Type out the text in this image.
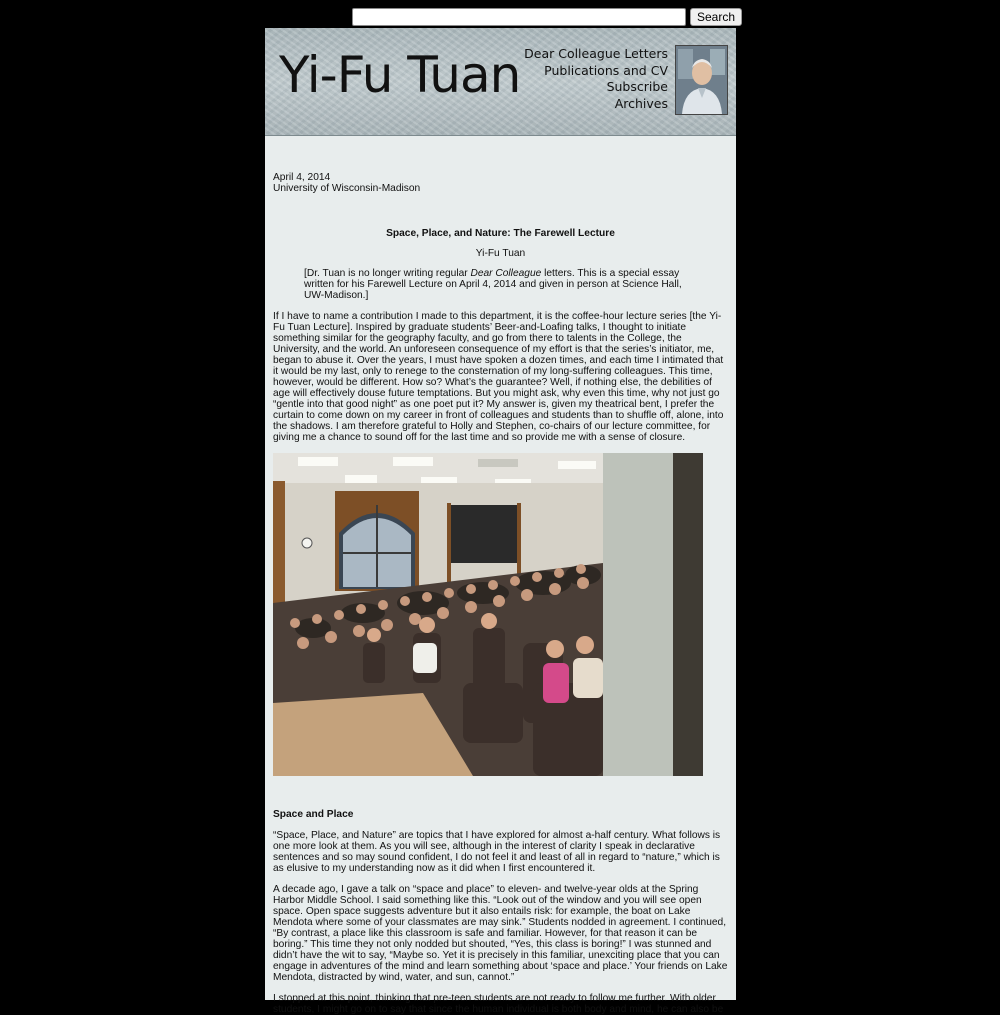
Search
Yi-Fu Tuan Dear Colleague Letters
Publications and CV
Subscribe
Archives
April 4, 2014
University of Wisconsin-Madison
Space, Place, and Nature: The Farewell Lecture
Yi-Fu Tuan
[Dr. Tuan is no longer writing regular Dear Colleague letters. This is a special essay written for his Farewell Lecture on April 4, 2014 and given in person at Science Hall, UW-Madison.]

If I have to name a contribution I made to this department, it is the coffee-hour lecture series [the Yi-Fu Tuan Lecture]. Inspired by graduate students’ Beer-and-Loafing talks, I thought to initiate something similar for the geography faculty, and go from there to talents in the College, the University, and the world. An unforeseen consequence of my effort is that the series’s initiator, me, began to abuse it. Over the years, I must have spoken a dozen times, and each time I intimated that it would be my last, only to renege to the consternation of my long-suffering colleagues. This time, however, would be different. How so? What’s the guarantee? Well, if nothing else, the debilities of age will effectively douse future temptations. But you might ask, why even this time, why not just go “gentle into that good night” as one poet put it? My answer is, given my theatrical bent, I prefer the curtain to come down on my career in front of colleagues and students than to shuffle off, alone, into the shadows. I am therefore grateful to Holly and Stephen, co-chairs of our lecture committee, for giving me a chance to sound off for the last time and so provide me with a sense of closure.

Space and Place

“Space, Place, and Nature” are topics that I have explored for almost a-half century. What follows is one more look at them. As you will see, although in the interest of clarity I speak in declarative sentences and so may sound confident, I do not feel it and least of all in regard to “nature,” which is as elusive to my understanding now as it did when I first encountered it.

A decade ago, I gave a talk on “space and place” to eleven- and twelve-year olds at the Spring Harbor Middle School. I said something like this. “Look out of the window and you will see open space. Open space suggests adventure but it also entails risk: for example, the boat on Lake Mendota where some of your classmates are may sink.” Students nodded in agreement. I continued, “By contrast, a place like this classroom is safe and familiar. However, for that reason it can be boring.” This time they not only nodded but shouted, “Yes, this class is boring!” I was stunned and didn’t have the wit to say, “Maybe so. Yet it is precisely in this familiar, unexciting place that you can engage in adventures of the mind and learn something about ‘space and place.’ Your friends on Lake Mendota, distracted by wind, water, and sun, cannot.”

I stopped at this point, thinking that pre-teen students are not ready to follow me further. With older students, I might go on to say that since the human individual is both body and mind, he can also be
